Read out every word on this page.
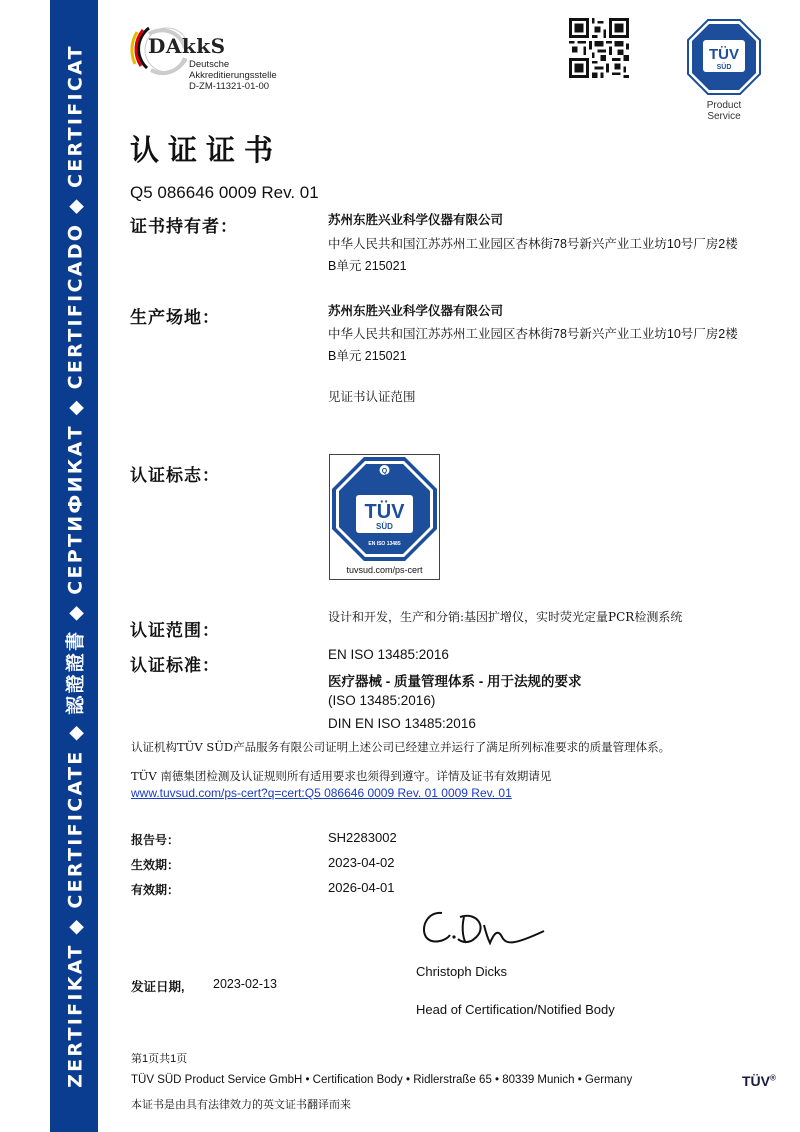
ZERTIFIKAT ◆ CERTIFICATE ◆ 認證證書 ◆ СЕРТИФИКАТ ◆ CERTIFICADO ◆ CERTIFICAT	DAkkS
Deutsche
Akkreditierungsstelle
D-ZM-11321-01-00
TÜV
SÜD
Product Service
认证证书
Q5 086646 0009 Rev. 01
证书持有者：	苏州东胜兴业科学仪器有限公司
中华人民共和国江苏苏州工业园区杏林街78号新兴产业工业坊10号厂房2楼
B单元 215021
生产场地：	苏州东胜兴业科学仪器有限公司
中华人民共和国江苏苏州工业园区杏林街78号新兴产业工业坊10号厂房2楼
B单元 215021
见证书认证范围
认证标志：	Q
TÜV
SÜD
EN ISO 13485
tuvsud.com/ps-cert
认证范围：
设计和开发，生产和分销:基因扩增仪，实时荧光定量PCR检测系统
认证标准：
EN ISO 13485:2016
医疗器械 - 质量管理体系 - 用于法规的要求
(ISO 13485:2016)
DIN EN ISO 13485:2016
认证机构TÜV SÜD产品服务有限公司证明上述公司已经建立并运行了满足所列标准要求的质量管理体系。
TÜV 南德集团检测及认证规则所有适用要求也须得到遵守。详情及证书有效期请见
www.tuvsud.com/ps-cert?q=cert:Q5 086646 0009 Rev. 01 0009 Rev. 01
报告号：	SH2283002
生效期：	2023-04-02
有效期：	2026-04-01
Christoph Dicks
Head of Certification/Notified Body
发证日期, 2023-02-13
第1页共1页
TÜV SÜD Product Service GmbH • Certification Body • Ridlerstraße 65 • 80339 Munich • Germany
本证书是由具有法律效力的英文证书翻译而来
TÜV®
